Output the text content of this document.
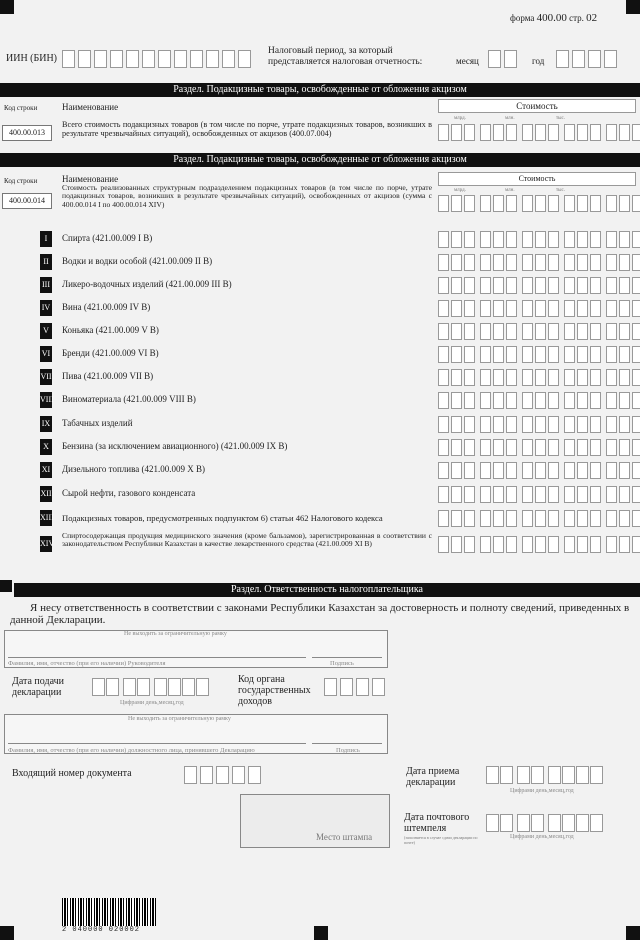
форма 400.00 стр. 02
ИИН (БИН)
Налоговый период, за который представляется налоговая отчетность:	месяц	год
Раздел. Подакцизные товары, освобожденные от обложения акцизом
Код строки	Наименование	Стоимость
млрд.	млн.	тыс.
400.00.013
Всего стоимость подакцизных товаров (в том числе по порче, утрате подакцизных товаров, возникших в результате чрезвычайных ситуаций), освобожденных от акцизов (400.07.004)
Раздел. Подакцизные товары, освобожденные от обложения акцизом
Код строки	Наименование	Стоимость
млрд.	млн.	тыс.
400.00.014
Стоимость реализованных структурным подразделением подакцизных товаров (в том числе по порче, утрате подакцизных товаров, возникших в результате чрезвычайных ситуаций), освобожденных от акцизов (сумма с 400.00.014 I по 400.00.014 XIV)
I	Спирта (421.00.009 I В)
II	Водки и водки особой (421.00.009 II В)
III Ликеро-водочных изделий (421.00.009 III В)
IV Вина (421.00.009 IV В)
V	Коньяка (421.00.009 V В)
VI Бренди (421.00.009 VI В)
VII Пива (421.00.009 VII В)
VIII Виноматериала (421.00.009 VIII В)
IX Табачных изделий
X	Бензина (за исключением авиационного) (421.00.009 IX В)
XI Дизельного топлива (421.00.009 X В)
XII Сырой нефти, газового конденсата
XIII Подакцизных товаров, предусмотренных подпунктом 6) статьи 462 Налогового кодекса
XIV
Спиртосодержащая продукция медицинского значения (кроме бальзамов), зарегистрированная в соответствии с законодательством Республики Казахстан в качестве лекарственного средства (421.00.009 XI В)
Раздел. Ответственность налогоплательщика
Я несу ответственность в соответствии с законами Республики Казахстан за достоверность и полноту сведений, приведенных в данной Декларации.
Не выходить за ограничительную рамку
Фамилия, имя, отчество (при его наличии) Руководителя	Подпись
Дата подачи декларации
Цифрами день,месяц,год
Код органа государственных доходов
Не выходить за ограничительную рамку
Фамилия, имя, отчество (при его наличии) должностного лица, принявшего Декларацию	Подпись
Входящий номер документа
Место штампа
Дата приема декларации
Цифрами день,месяц,год
Дата почтового штемпеля
(заполняется в случае сдачи декларации по почте)
Цифрами день,месяц,год
2 040000 020002
